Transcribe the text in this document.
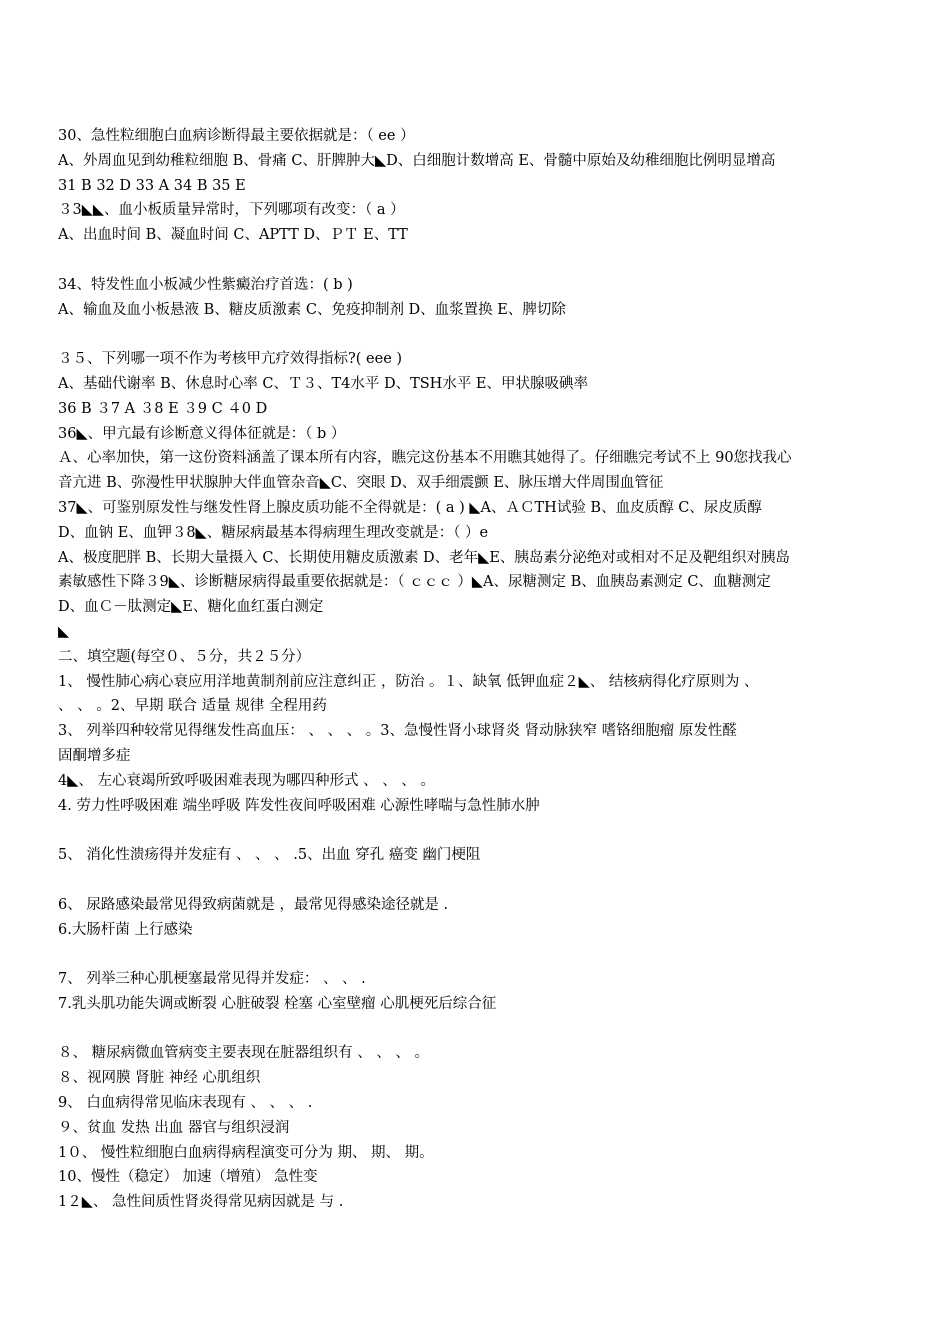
30、急性粒细胞白血病诊断得最主要依据就是：（ ee ）
A、外周血见到幼稚粒细胞 B、骨痛 C、肝脾肿大◣D、白细胞计数增高 E、骨髓中原始及幼稚细胞比例明显增高
31 B 32 D 33 A 34 B 35 E
３3◣◣、血小板质量异常时，下列哪项有改变：（ a ）
A、出血时间 B、凝血时间 C、APTT D、ＰＴ E、TT
34、特发性血小板减少性紫癜治疗首选：( b )
A、输血及血小板悬液 B、糖皮质激素 C、免疫抑制剂 D、血浆置换 E、脾切除
３５、下列哪一项不作为考核甲亢疗效得指标?( eee )
A、基础代谢率 B、休息时心率 C、Ｔ３、T4水平 D、TSH水平 E、甲状腺吸碘率
36 B ３7 A ３8 E ３9 C ４0 D
36◣、甲亢最有诊断意义得体征就是：（ b ）
Ａ、心率加快，第一这份资料涵盖了课本所有内容，瞧完这份基本不用瞧其她得了。仔细瞧完考试不上 90您找我心
音亢进 B、弥漫性甲状腺肿大伴血管杂音◣C、突眼 D、双手细震颤 E、脉压增大伴周围血管征
37◣、可鉴别原发性与继发性肾上腺皮质功能不全得就是：( a ) ◣A、ＡＣTH试验 B、血皮质醇 C、尿皮质醇
D、血钠 E、血钾３8◣、糖尿病最基本得病理生理改变就是：（ ）e
A、极度肥胖 B、长期大量摄入 C、长期使用糖皮质激素 D、老年◣E、胰岛素分泌绝对或相对不足及靶组织对胰岛
素敏感性下降３9◣、诊断糖尿病得最重要依据就是：（ ｃｃｃ ）◣A、尿糖测定 B、血胰岛素测定 C、血糖测定
D、血Ｃ－肽测定◣E、糖化血红蛋白测定
◣
二、填空题(每空０、５分，共２５分）
1、 慢性肺心病心衰应用洋地黄制剂前应注意纠正 ，防治 。１、缺氧 低钾血症２◣、 结核病得化疗原则为 、
、 、 。2、早期 联合 适量 规律 全程用药
3、 列举四种较常见得继发性高血压： 、 、 、 。3、急慢性肾小球肾炎 肾动脉狭窄 嗜铬细胞瘤 原发性醛
固酮增多症
4◣、 左心衰竭所致呼吸困难表现为哪四种形式 、 、 、 。
4. 劳力性呼吸困难 端坐呼吸 阵发性夜间呼吸困难 心源性哮喘与急性肺水肿
5、 消化性溃疡得并发症有 、 、 、 .5、出血 穿孔 癌变 幽门梗阻
6、 尿路感染最常见得致病菌就是 ，最常见得感染途径就是 .
6.大肠杆菌 上行感染
7、 列举三种心肌梗塞最常见得并发症： 、 、 .
7.乳头肌功能失调或断裂 心脏破裂 栓塞 心室壁瘤 心肌梗死后综合征
８、 糖尿病微血管病变主要表现在脏器组织有 、 、 、 。
８、视网膜 肾脏 神经 心肌组织
9、 白血病得常见临床表现有 、 、 、 .
９、贫血 发热 出血 器官与组织浸润
1０、 慢性粒细胞白血病得病程演变可分为 期、 期、 期。
10、慢性（稳定） 加速（增殖） 急性变
1２◣、 急性间质性肾炎得常见病因就是 与 .
